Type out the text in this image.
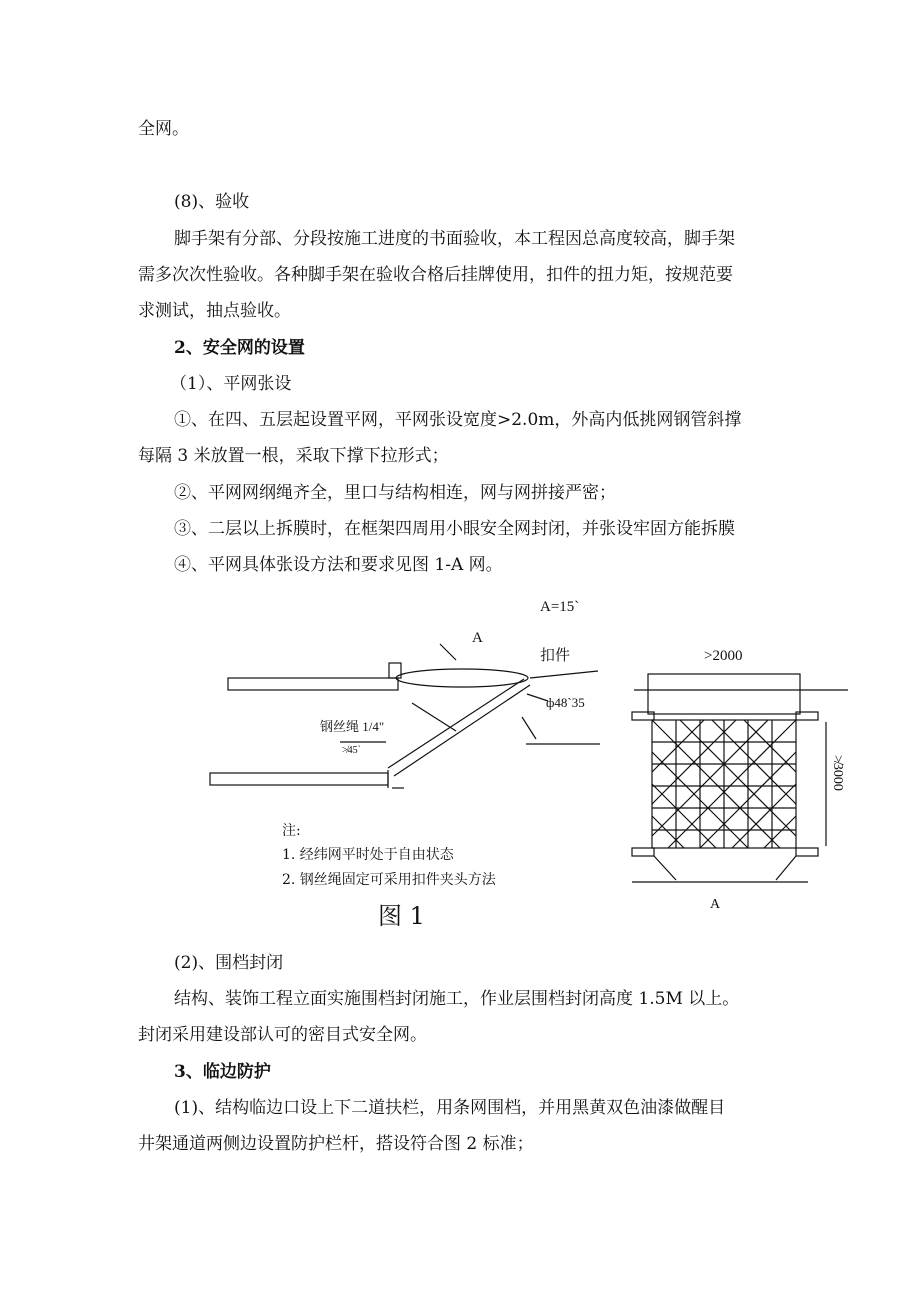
全网。
(8)、验收
脚手架有分部、分段按施工进度的书面验收，本工程因总高度较高，脚手架
需多次次性验收。各种脚手架在验收合格后挂牌使用，扣件的扭力矩，按规范要
求测试，抽点验收。
2、安全网的设置
（1）、平网张设
①、在四、五层起设置平网，平网张设宽度>2.0m，外高内低挑网钢管斜撑
每隔 3 米放置一根，采取下撑下拉形式；
②、平网网纲绳齐全，里口与结构相连，网与网拼接严密；
③、二层以上拆膜时，在框架四周用小眼安全网封闭，并张设牢固方能拆膜
④、平网具体张设方法和要求见图 1-A 网。
A=15`
A
扣件
ф48`35
钢丝绳 1/4"
≯45`
>2000
≯3000
A
注:
1. 经纬网平时处于自由状态
2. 钢丝绳固定可采用扣件夹头方法
图 1
(2)、围档封闭
结构、装饰工程立面实施围档封闭施工，作业层围档封闭高度 1.5M 以上。
封闭采用建设部认可的密目式安全网。
3、临边防护
(1)、结构临边口设上下二道扶栏，用条网围档，并用黑黄双色油漆做醒目
井架通道两侧边设置防护栏杆，搭设符合图 2 标准；
